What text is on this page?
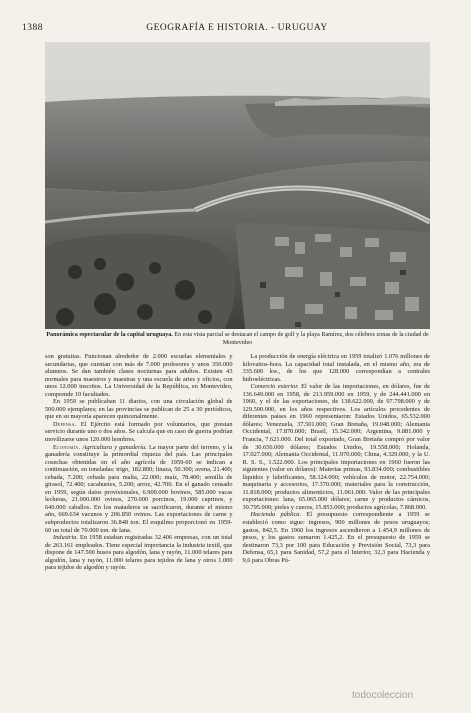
1388	GEOGRAFÍA E HISTORIA. - URUGUAY
Panorámica espectacular de la capital uruguaya. En esta vista parcial se destacan el campo de golf y la playa Ramírez, dos célebres zonas de la ciudad de Montevideo

son gratuitas. Funcionan alrededor de 2.000 escuelas elementales y secundarias, que cuentan con más de 7.000 profesores y unos 350.000 alumnos. Se dan también clases nocturnas para adultos. Existen 43 normales para maestros y maestras y una escuela de artes y oficios, con unos 12.000 inscritos. La Universidad de la República, en Montevideo, comprende 10 facultades.

En 1959 se publicaban 11 diarios, con una circulación global de 500.000 ejemplares; en las provincias se publican de 25 a 30 periódicos, que en su mayoría aparecen quincenalmente.

Defensa. El Ejército está formado por voluntarios, que prestan servicio durante uno o dos años. Se calcula que en caso de guerra podrían movilizarse unos 120.000 hombres.

Economía. Agricultura y ganadería. La mayor parte del terreno, y la ganadería constituye la primordial riqueza del país. Las principales cosechas obtenidas en el año agrícola de 1959-60 se indican a continuación, en toneladas: trigo, 182.800; linaza, 50.300; avena, 21.400; cebada, 7.200; cebada para malta, 22.000; maíz, 78.400; semilla de girasol, 72.400; cacahuetes, 5.200; arroz, 42.700. En el ganado censado en 1959, según datos provisionales, 6.900.000 bovinos, 585.000 vacas lecheras, 21.000.000 ovinos, 270.000 porcinos, 19.000 caprinos, y 640.000 caballos. En los mataderos se sacrificaron, durante el mismo año, 669.634 vacunos y 206.850 ovinos. Las exportaciones de carne y subproductos totalizaron 36.848 ton. El esquilmo proporcionó en 1959-60 un total de 70.000 ton. de lana.

Industria. En 1958 estaban registradas 32.406 empresas, con un total de 263.161 empleados. Tiene especial importancia la industria textil, que dispone de 147.500 husos para algodón, lana y rayón, 11.000 telares para algodón, lana y rayón, 11.000 telares para tejidos de lana y otros 1.000 para tejidos de algodón y rayón.

La producción de energía eléctrica en 1959 totalizó 1.076 millones de kilovatios-hora. La capacidad total instalada, en el mismo año, era de 335.600 kw., de los que 128.000 correspondían a centrales hidroeléctricas.

Comercio exterior. El valor de las importaciones, en dólares, fue de 136.649.000 en 1958, de 213.959.000 en 1959, y de 244.441.000 en 1960, y el de las exportaciones, de 138.622.000, de 97.798.000 y de 129.500.000, en los años respectivos. Los artículos procedentes de diferentes países en 1960 representaron: Estados Unidos, 65.532.000 dólares; Venezuela, 37.501.000; Gran Bretaña, 19.048.000; Alemania Occidental, 17.870.000; Brasil, 15.342.000; Argentina, 9.881.000 y Francia, 7.621.000. Del total exportado, Gran Bretaña compró por valor de 30.656.000 dólares; Estados Unidos, 19.558.000; Holanda, 17.027.000; Alemania Occidental, 11.970.000; China, 4.329.000, y la U. R. S. S., 1.522.000. Los principales importaciones en 1960 fueron las siguientes (valor en dólares): Materias primas, 93.834.000; combustibles líquidos y lubrificantes, 58.324.000; vehículos de motor, 22.754.000; maquinaria y accesorios, 17.370.000; materiales para la construcción, 11.818.000; productos alimenticios, 11.061.000. Valor de las principales exportaciones: lana, 65.065.000 dólares; carne y productos cárnicos, 30.795.000; pieles y cueros, 15.853.000; productos agrícolas, 7.868.000.

Hacienda pública. El presupuesto correspondiente a 1959 se estableció como sigue: ingresos, 900 millones de pesos uruguayos; gastos, 842,5. En 1960 los ingresos ascendieron a 1.454,9 millones de pesos, y los gastos sumaron 1.425,2. En el presupuesto de 1959 se destinaron 73,3 por 100 para Educación y Previsión Social, 73,3 para Defensa, 65,1 para Sanidad, 57,2 para el Interior, 32,3 para Hacienda y 9,6 para Obras Pú-

todocoleccion
